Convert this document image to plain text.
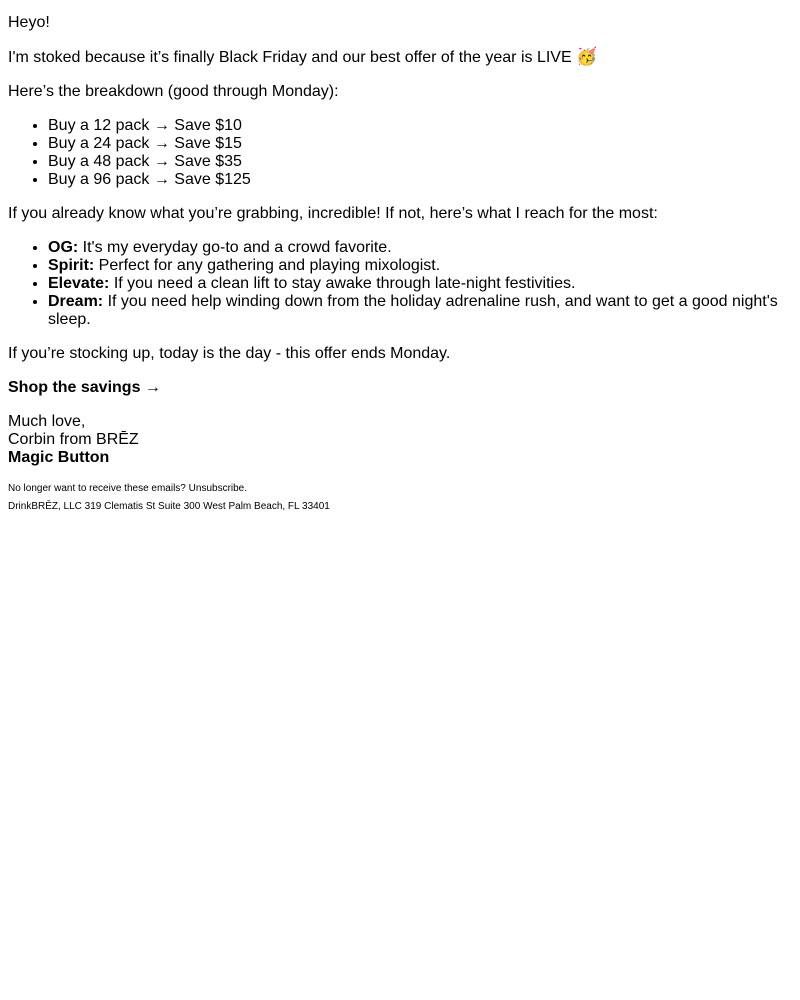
Heyo!

I'm stoked because it’s finally Black Friday and our best offer of the year is LIVE 🥳

Here’s the breakdown (good through Monday):

• Buy a 12 pack → Save $10
• Buy a 24 pack → Save $15
• Buy a 48 pack → Save $35
• Buy a 96 pack → Save $125

If you already know what you’re grabbing, incredible! If not, here’s what I reach for the most:

• OG: It's my everyday go-to and a crowd favorite.
• Spirit: Perfect for any gathering and playing mixologist.
• Elevate: If you need a clean lift to stay awake through late-night festivities.
• Dream: If you need help winding down from the holiday adrenaline rush, and want to get a good night's sleep.

If you’re stocking up, today is the day - this offer ends Monday.

Shop the savings →

Much love,
Corbin from BRĒZ
Magic Button

No longer want to receive these emails? Unsubscribe.

DrinkBRĒZ, LLC 319 Clematis St Suite 300 West Palm Beach, FL 33401
